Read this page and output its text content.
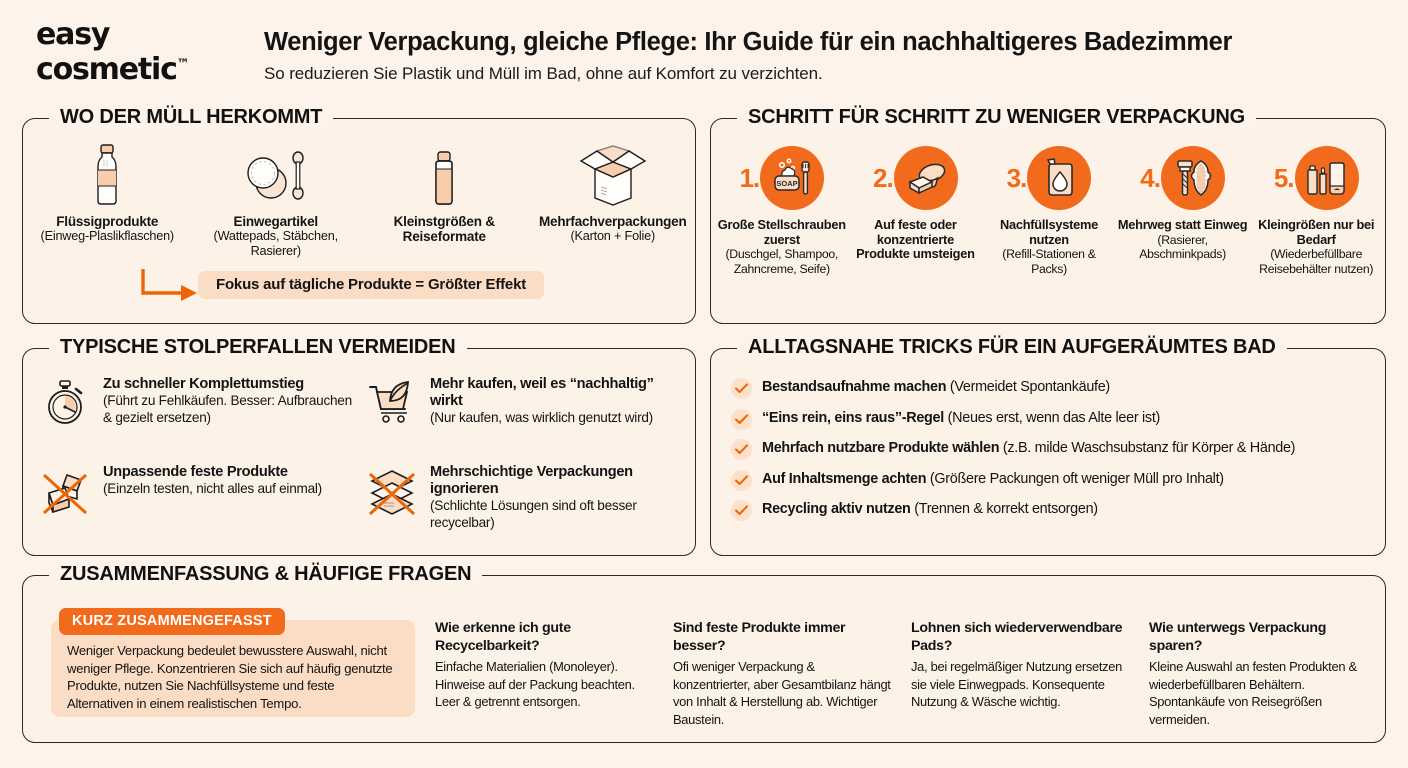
easy
cosmetic™
Weniger Verpackung, gleiche Pflege: Ihr Guide für ein nachhaltigeres Badezimmer
So reduzieren Sie Plastik und Müll im Bad, ohne auf Komfort zu verzichten.
WO DER MÜLL HERKOMMT
Flüssigprodukte
(Einweg-Plaslikflaschen)
Einwegartikel
(Wattepads, Stäbchen, Rasierer)
Kleinstgrößen & Reiseformate
Mehrfachverpackungen
(Karton + Folie)
Fokus auf tägliche Produkte = Größter Effekt
SCHRITT FÜR SCHRITT ZU WENIGER VERPACKUNG
1. SOAP
Große Stellschrauben zuerst
(Duschgel, Shampoo, Zahncreme, Seife)
2.
Auf feste oder konzentrierte Produkte umsteigen
3.
Nachfüllsysteme nutzen
(Refill-Stationen & Packs)
4.
Mehrweg statt Einweg
(Rasierer, Abschminkpads)
5.
Kleingrößen nur bei Bedarf
(Wiederbefüllbare Reisebehälter nutzen)
TYPISCHE STOLPERFALLEN VERMEIDEN
Zu schneller Komplettumstieg
(Führt zu Fehlkäufen. Besser: Aufbrauchen & gezielt ersetzen)
Mehr kaufen, weil es “nachhaltig” wirkt
(Nur kaufen, was wirklich genutzt wird)
Unpassende feste Produkte
(Einzeln testen, nicht alles auf einmal)
Mehrschichtige Verpackungen ignorieren
(Schlichte Lösungen sind oft besser recycelbar)
ALLTAGSNAHE TRICKS FÜR EIN AUFGERÄUMTES BAD
Bestandsaufnahme machen (Vermeidet Spontankäufe)
“Eins rein, eins raus”-Regel (Neues erst, wenn das Alte leer ist)
Mehrfach nutzbare Produkte wählen (z.B. milde Waschsubstanz für Körper & Hände)
Auf Inhaltsmenge achten (Größere Packungen oft weniger Müll pro Inhalt)
Recycling aktiv nutzen (Trennen & korrekt entsorgen)
ZUSAMMENFASSUNG & HÄUFIGE FRAGEN
KURZ ZUSAMMENGEFASST

Weniger Verpackung bedeulet bewusstere Auswahl, nicht weniger Pflege. Konzentrieren Sie sich auf häufig genutzte Produkte, nutzen Sie Nachfüllsysteme und feste Alternativen in einem realistischen Tempo.

Wie erkenne ich gute Recycelbarkeit?
Einfache Materialien (Monoleyer). Hinweise auf der Packung beachten. Leer & getrennt entsorgen.
Sind feste Produkte immer besser?
Ofi weniger Verpackung & konzentrierter, aber Gesamtbilanz hängt von Inhalt & Herstellung ab. Wichtiger Baustein.
Lohnen sich wiederverwendbare Pads?
Ja, bei regelmäßiger Nutzung ersetzen sie viele Einwegpads. Konsequente Nutzung & Wäsche wichtig.
Wie unterwegs Verpackung sparen?
Kleine Auswahl an festen Produkten & wiederbefüllbaren Behältern. Spontankäufe von Reisegrößen vermeiden.
